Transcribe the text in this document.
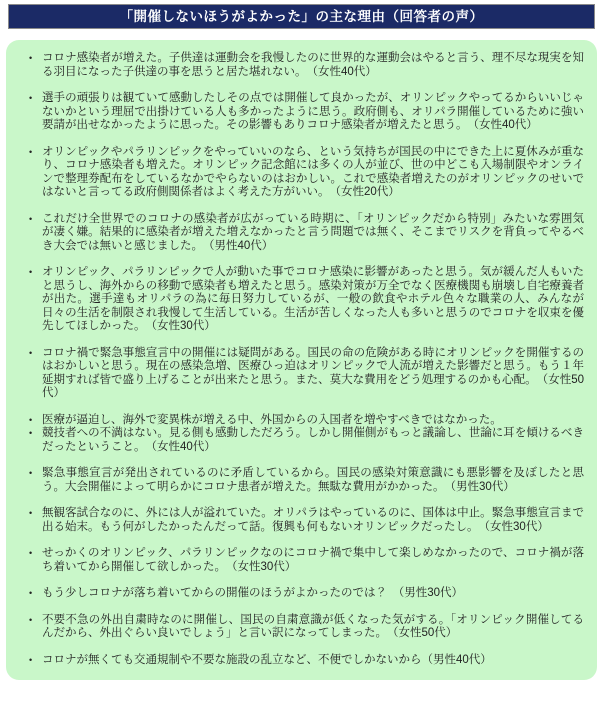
「開催しないほうがよかった」の主な理由（回答者の声）
• コロナ感染者が増えた。子供達は運動会を我慢したのに世界的な運動会はやると言う、理不尽な現実を知る羽目になった子供達の事を思うと居た堪れない。　（女性40代）
• 選手の頑張りは観ていて感動したしその点では開催して良かったが、オリンピックやってるからいいじゃないかという理屈で出掛けている人も多かったように思う。政府側も、オリパラ開催しているために強い要請が出せなかったように思った。その影響もありコロナ感染者が増えたと思う。　（女性40代）
• オリンピックやパラリンピックをやっていいのなら、という気持ちが国民の中にできた上に夏休みが重なり、コロナ感染者も増えた。オリンピック記念館には多くの人が並び、世の中どこも入場制限やオンラインで整理券配布をしているなかでやらないのはおかしい。これで感染者増えたのがオリンピックのせいではないと言ってる政府側関係者はよく考えた方がいい。　（女性20代）
• これだけ全世界でのコロナの感染者が広がっている時期に、「オリンピックだから特別」みたいな雰囲気が凄く嫌。結果的に感染者が増えた増えなかったと言う問題では無く、そこまでリスクを背負ってやるべき大会では無いと感じました。　（男性40代）
• オリンピック、パラリンピックで人が動いた事でコロナ感染に影響があったと思う。気が緩んだ人もいたと思うし、海外からの移動で感染者も増えたと思う。感染対策が万全でなく医療機関も崩壊し自宅療養者が出た。選手達もオリパラの為に毎日努力しているが、一般の飲食やホテル色々な職業の人、みんなが日々の生活を制限され我慢して生活している。生活が苦しくなった人も多いと思うのでコロナを収束を優先してほしかった。　（女性30代）
• コロナ禍で緊急事態宣言中の開催には疑問がある。国民の命の危険がある時にオリンピックを開催するのはおかしいと思う。現在の感染急増、医療ひっ迫はオリンピックで人流が増えた影響だと思う。もう１年延期すれば皆で盛り上げることが出来たと思う。また、莫大な費用をどう処理するのかも心配。　（女性50代）
• 医療が逼迫し、海外で変異株が増える中、外国からの入国者を増やすべきではなかった。
• 競技者への不満はない。見る側も感動しただろう。しかし開催側がもっと議論し、世論に耳を傾けるべきだったということ。　（女性40代）
• 緊急事態宣言が発出されているのに矛盾しているから。国民の感染対策意識にも悪影響を及ぼしたと思う。大会開催によって明らかにコロナ患者が増えた。無駄な費用がかかった。　（男性30代）
• 無観客試合なのに、外には人が溢れていた。オリパラはやっているのに、国体は中止。緊急事態宣言まで出る始末。もう何がしたかったんだって話。復興も何もないオリンピックだったし。　（女性30代）
• せっかくのオリンピック、パラリンピックなのにコロナ禍で集中して楽しめなかったので、コロナ禍が落ち着いてから開催して欲しかった。　（女性30代）
• もう少しコロナが落ち着いてからの開催のほうがよかったのでは？　（男性30代）
• 不要不急の外出自粛時なのに開催し、国民の自粛意識が低くなった気がする。「オリンピック開催してるんだから、外出ぐらい良いでしょう」と言い訳になってしまった。　（女性50代）
• コロナが無くても交通規制や不要な施設の乱立など、不便でしかないから（男性40代）
